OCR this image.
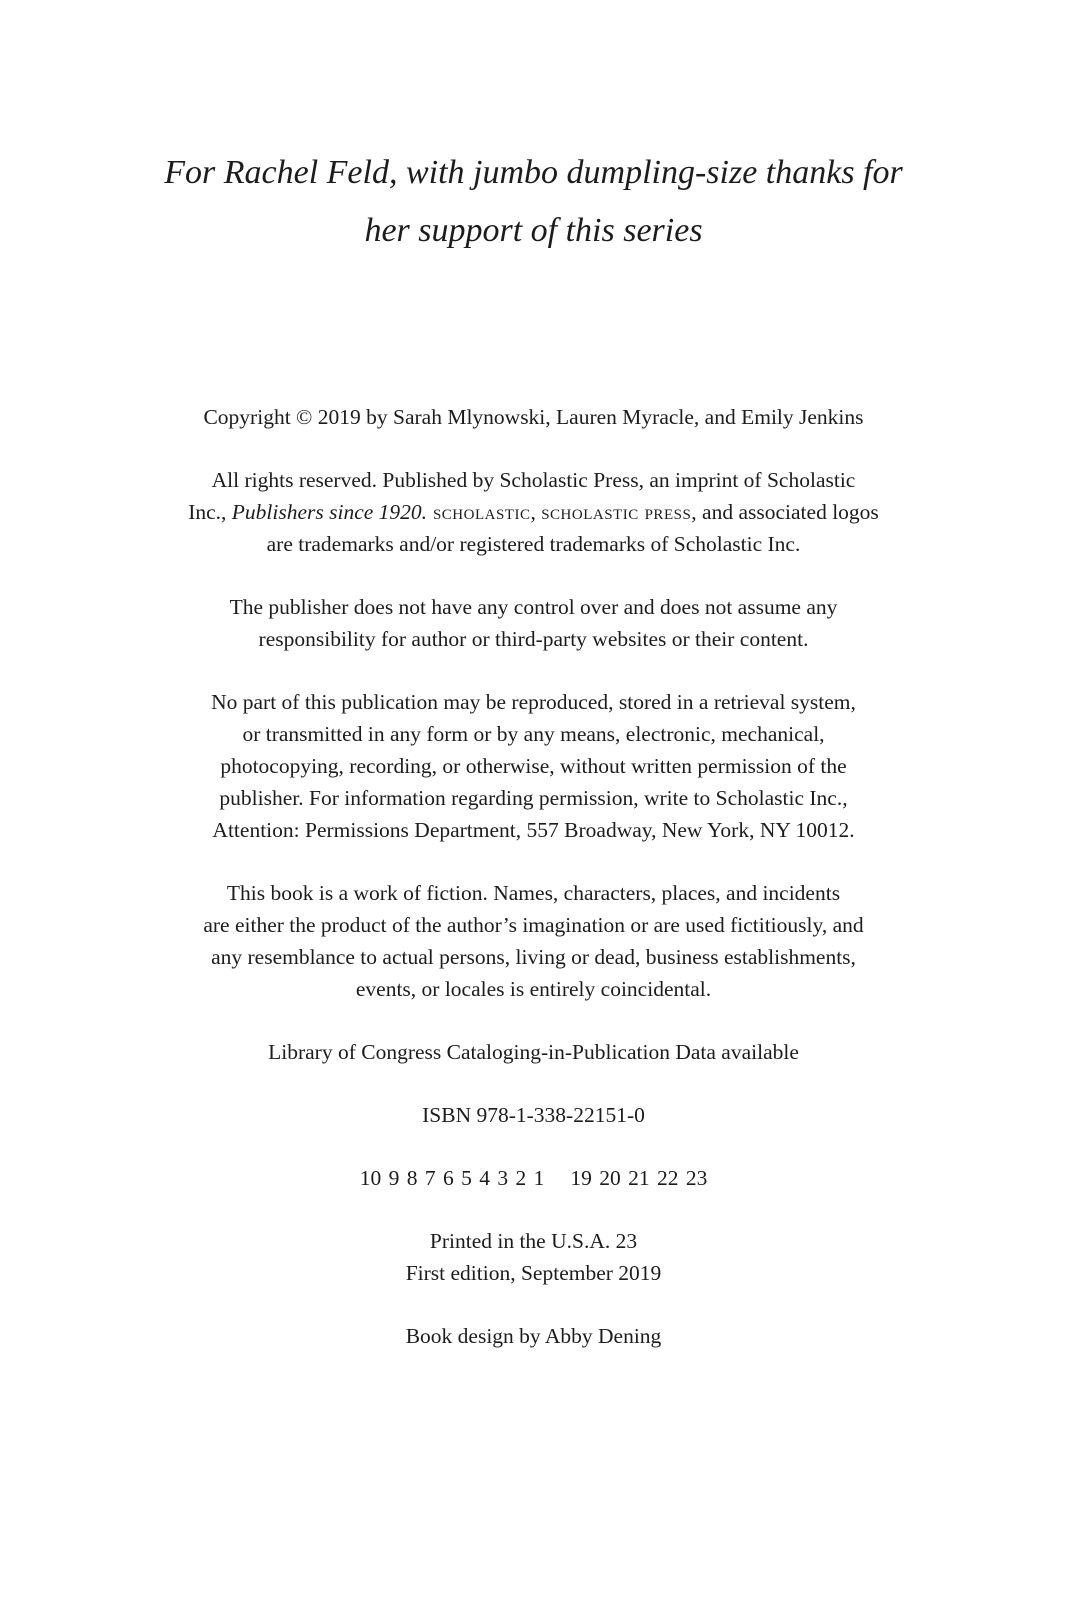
For Rachel Feld, with jumbo dumpling-size thanks for
her support of this series

Copyright © 2019 by Sarah Mlynowski, Lauren Myracle, and Emily Jenkins

All rights reserved. Published by Scholastic Press, an imprint of Scholastic
Inc., Publishers since 1920. scholastic, scholastic press, and associated logos
are trademarks and/or registered trademarks of Scholastic Inc.

The publisher does not have any control over and does not assume any
responsibility for author or third-party websites or their content.

No part of this publication may be reproduced, stored in a retrieval system,
or transmitted in any form or by any means, electronic, mechanical,
photocopying, recording, or otherwise, without written permission of the
publisher. For information regarding permission, write to Scholastic Inc.,
Attention: Permissions Department, 557 Broadway, New York, NY 10012.

This book is a work of fiction. Names, characters, places, and incidents
are either the product of the author’s imagination or are used fictitiously, and
any resemblance to actual persons, living or dead, business establishments,
events, or locales is entirely coincidental.

Library of Congress Cataloging-in-Publication Data available

ISBN 978-1-338-22151-0

10 9 8 7 6 5 4 3 2 1 19 20 21 22 23

Printed in the U.S.A. 23
First edition, September 2019

Book design by Abby Dening
